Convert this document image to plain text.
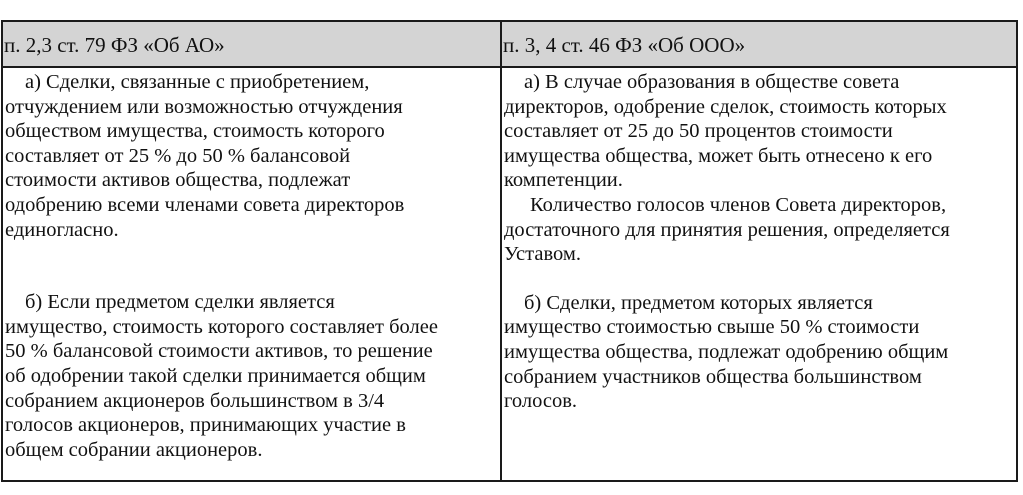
п. 2,3 ст. 79 ФЗ «Об АО»	п. 3, 4 ст. 46 ФЗ «Об ООО»

а) Сделки, связанные с приобретением,
отчуждением или возможностью отчуждения
обществом имущества, стоимость которого
составляет от 25 % до 50 % балансовой
стоимости активов общества, подлежат
одобрению всеми членами совета директоров
единогласно.

б) Если предметом сделки является
имущество, стоимость которого составляет более
50 % балансовой стоимости активов, то решение
об одобрении такой сделки принимается общим
собранием акционеров большинством в 3/4
голосов акционеров, принимающих участие в
общем собрании акционеров.

а) В случае образования в обществе совета
директоров, одобрение сделок, стоимость которых
составляет от 25 до 50 процентов стоимости
имущества общества, может быть отнесено к его
компетенции.

Количество голосов членов Совета директоров,
достаточного для принятия решения, определяется
Уставом.

б) Сделки, предметом которых является
имущество стоимостью свыше 50 % стоимости
имущества общества, подлежат одобрению общим
собранием участников общества большинством
голосов.
